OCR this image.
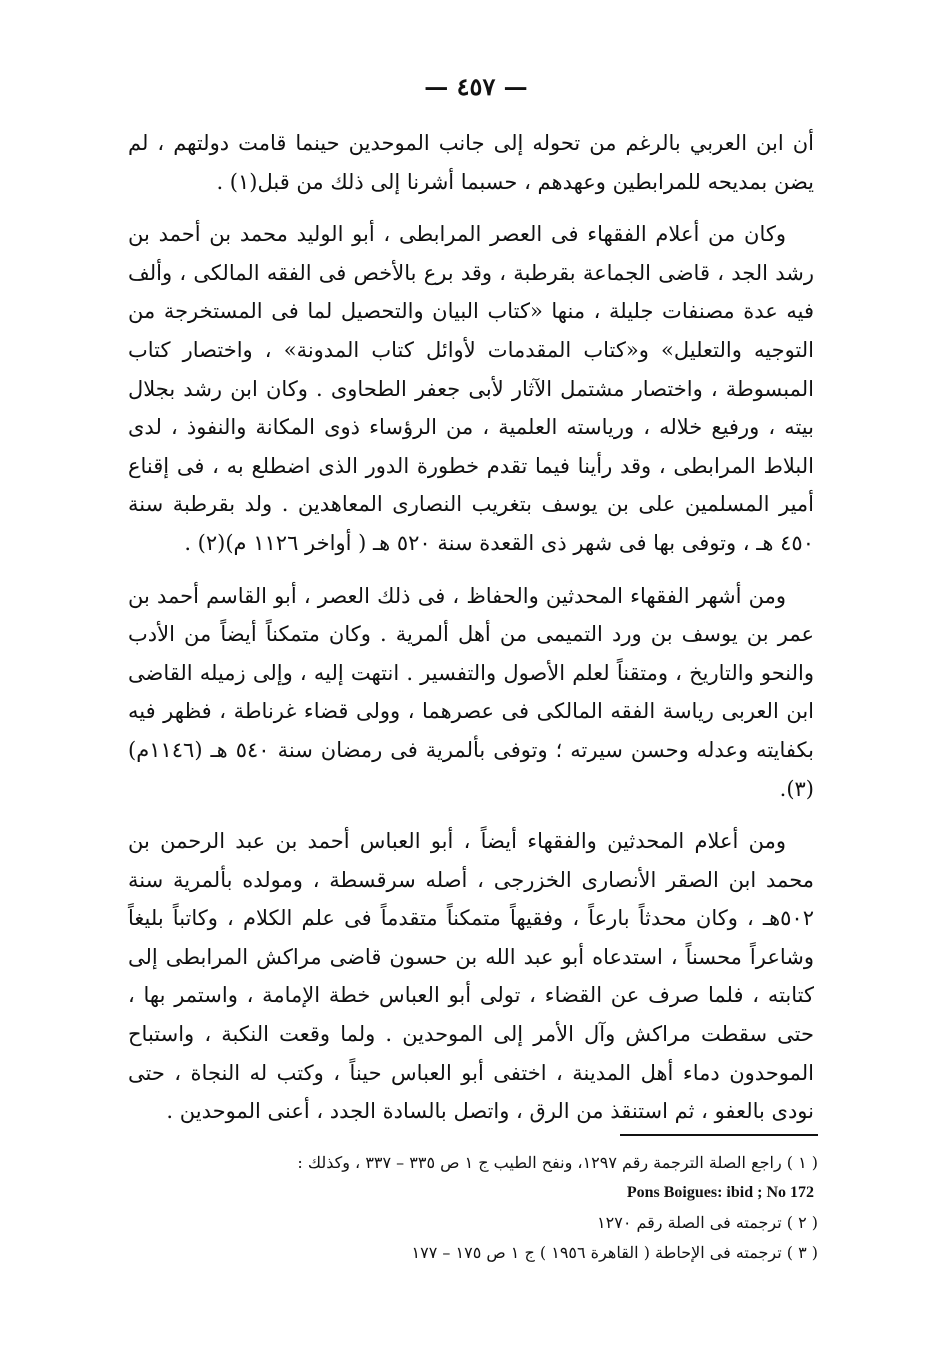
— ٤٥٧ —

أن ابن العربي بالرغم من تحوله إلى جانب الموحدين حينما قامت دولتهم ، لم يضن بمديحه للمرابطين وعهدهم ، حسبما أشرنا إلى ذلك من قبل(١) .

وكان من أعلام الفقهاء فى العصر المرابطى ، أبو الوليد محمد بن أحمد بن رشد الجد ، قاضى الجماعة بقرطبة ، وقد برع بالأخص فى الفقه المالكى ، وألف فيه عدة مصنفات جليلة ، منها «كتاب البيان والتحصيل لما فى المستخرجة من التوجيه والتعليل» و«كتاب المقدمات لأوائل كتاب المدونة» ، واختصار كتاب المبسوطة ، واختصار مشتمل الآثار لأبى جعفر الطحاوى . وكان ابن رشد بجلال بيته ، ورفيع خلاله ، ورياسته العلمية ، من الرؤساء ذوى المكانة والنفوذ ، لدى البلاط المرابطى ، وقد رأينا فيما تقدم خطورة الدور الذى اضطلع به ، فى إقناع أمير المسلمين على بن يوسف بتغريب النصارى المعاهدين . ولد بقرطبة سنة ٤٥٠ هـ ، وتوفى بها فى شهر ذى القعدة سنة ٥٢٠ هـ ( أواخر ١١٢٦ م)(٢) .

ومن أشهر الفقهاء المحدثين والحفاظ ، فى ذلك العصر ، أبو القاسم أحمد بن عمر بن يوسف بن ورد التميمى من أهل ألمرية . وكان متمكناً أيضاً من الأدب والنحو والتاريخ ، ومتقناً لعلم الأصول والتفسير . انتهت إليه ، وإلى زميله القاضى ابن العربى رياسة الفقه المالكى فى عصرهما ، وولى قضاء غرناطة ، فظهر فيه بكفايته وعدله وحسن سيرته ؛ وتوفى بألمرية فى رمضان سنة ٥٤٠ هـ (١١٤٦م)(٣).

ومن أعلام المحدثين والفقهاء أيضاً ، أبو العباس أحمد بن عبد الرحمن بن محمد ابن الصقر الأنصارى الخزرجى ، أصله سرقسطة ، ومولده بألمرية سنة ٥٠٢هـ ، وكان محدثاً بارعاً ، وفقيهاً متمكناً متقدماً فى علم الكلام ، وكاتباً بليغاً وشاعراً محسناً ، استدعاه أبو عبد الله بن حسون قاضى مراكش المرابطى إلى كتابته ، فلما صرف عن القضاء ، تولى أبو العباس خطة الإمامة ، واستمر بها ، حتى سقطت مراكش وآل الأمر إلى الموحدين . ولما وقعت النكبة ، واستباح الموحدون دماء أهل المدينة ، اختفى أبو العباس حيناً ، وكتب له النجاة ، حتى نودى بالعفو ، ثم استنقذ من الرق ، واتصل بالسادة الجدد ، أعنى الموحدين .

( ١ ) راجع الصلة الترجمة رقم ١٢٩٧، ونفح الطيب ج ١ ص ٣٣٥ – ٣٣٧ ، وكذلك :

Pons Boigues: ibid ; No 172

( ٢ ) ترجمته فى الصلة رقم ١٢٧٠

( ٣ ) ترجمته فى الإحاطة ( القاهرة ١٩٥٦ ) ج ١ ص ١٧٥ – ١٧٧
